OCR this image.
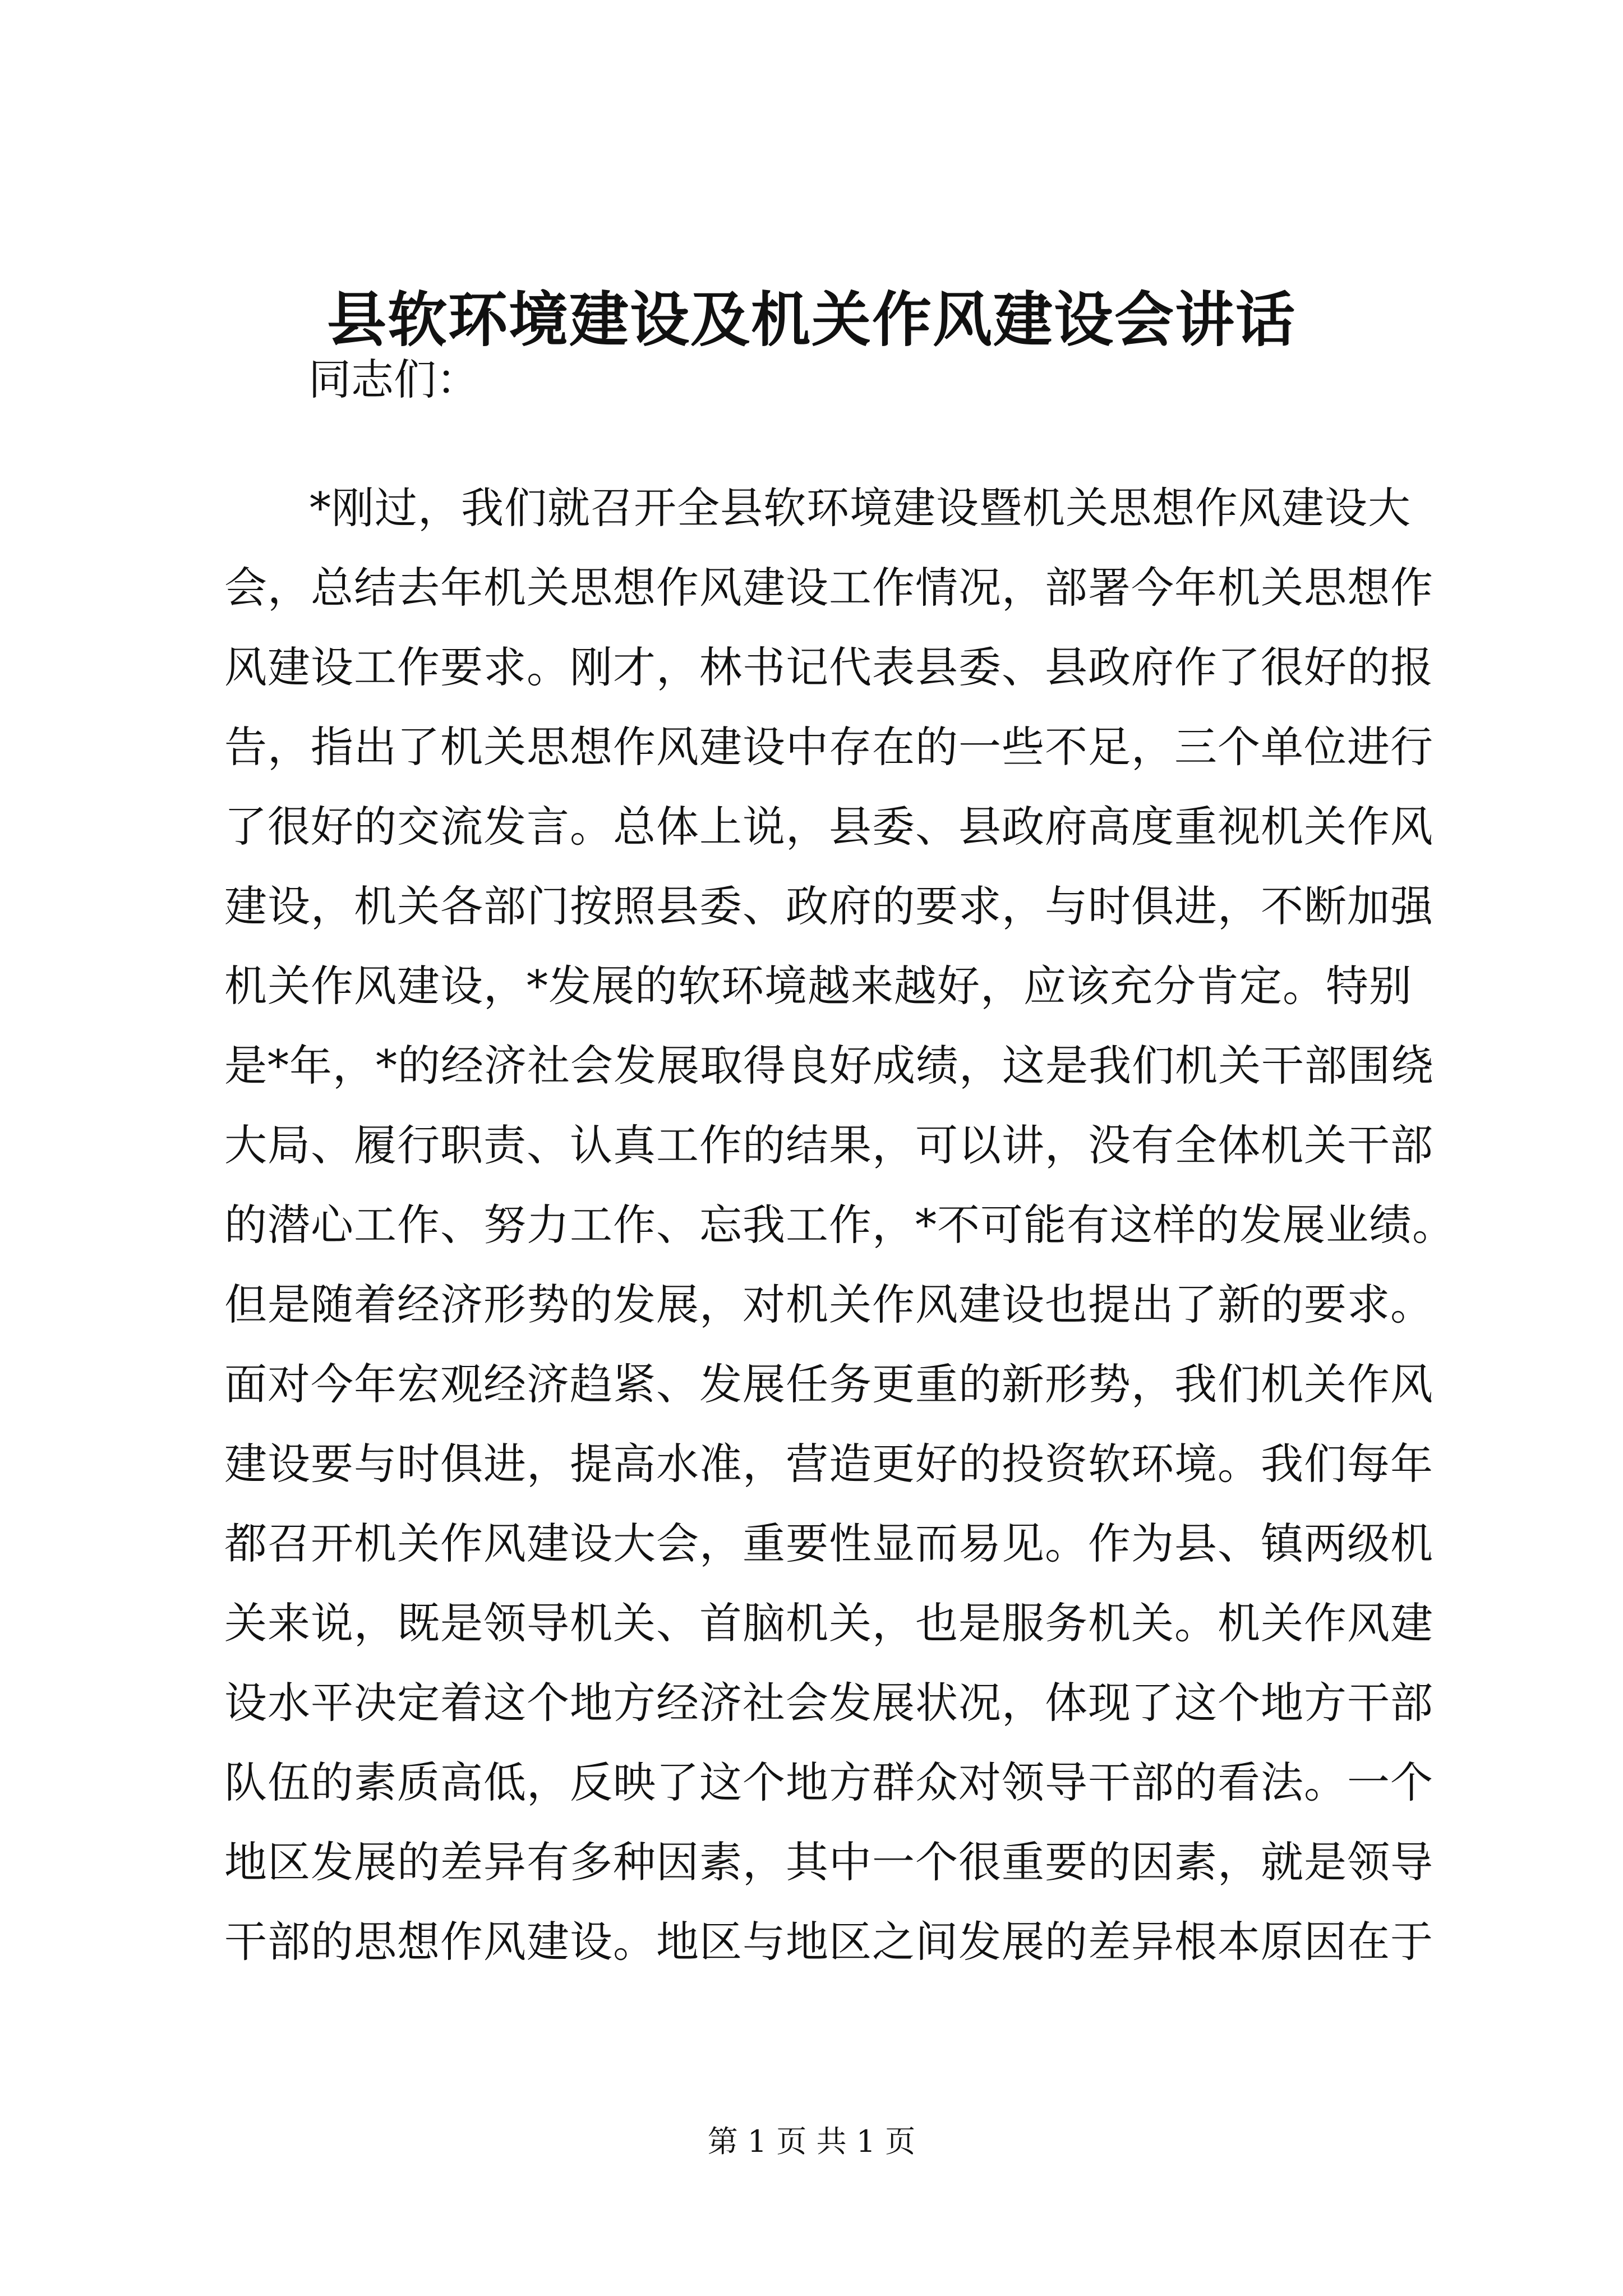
县软环境建设及机关作风建设会讲话
同志们：
*刚过，我们就召开全县软环境建设暨机关思想作风建设大
会，总结去年机关思想作风建设工作情况，部署今年机关思想作
风建设工作要求。刚才，林书记代表县委、县政府作了很好的报
告，指出了机关思想作风建设中存在的一些不足，三个单位进行
了很好的交流发言。总体上说，县委、县政府高度重视机关作风
建设，机关各部门按照县委、政府的要求，与时俱进，不断加强
机关作风建设，*发展的软环境越来越好，应该充分肯定。特别
是*年，*的经济社会发展取得良好成绩，这是我们机关干部围绕
大局、履行职责、认真工作的结果，可以讲，没有全体机关干部
的潜心工作、努力工作、忘我工作，*不可能有这样的发展业绩。
但是随着经济形势的发展，对机关作风建设也提出了新的要求。
面对今年宏观经济趋紧、发展任务更重的新形势，我们机关作风
建设要与时俱进，提高水准，营造更好的投资软环境。我们每年
都召开机关作风建设大会，重要性显而易见。作为县、镇两级机
关来说，既是领导机关、首脑机关，也是服务机关。机关作风建
设水平决定着这个地方经济社会发展状况，体现了这个地方干部
队伍的素质高低，反映了这个地方群众对领导干部的看法。一个
地区发展的差异有多种因素，其中一个很重要的因素，就是领导
干部的思想作风建设。地区与地区之间发展的差异根本原因在于
第 1 页 共 1 页
